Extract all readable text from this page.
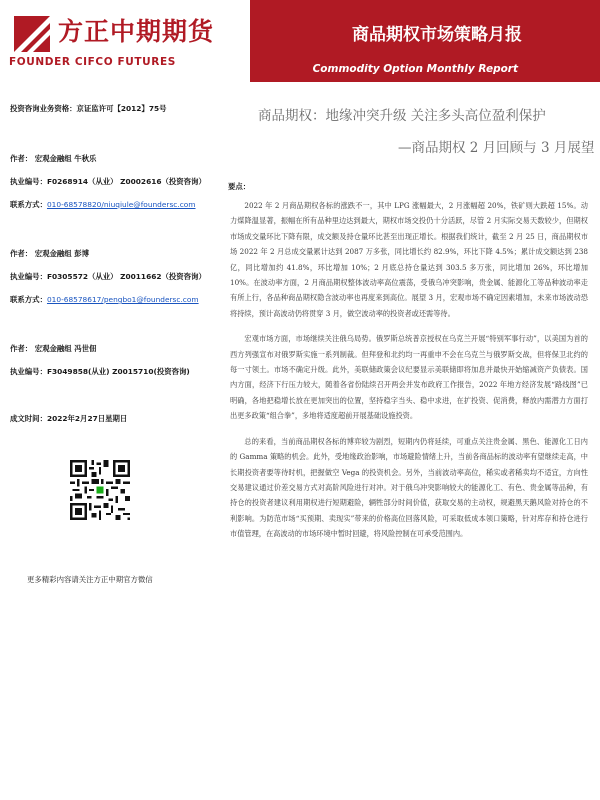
方正中期期货
FOUNDER CIFCO FUTURES
商品期权市场策略月报
Commodity Option Monthly Report
投资咨询业务资格：京证监许可【2012】75号
作者： 宏观金融组 牛秋乐
执业编号：F0268914（从业） Z0002616（投资咨询）
联系方式：010-68578820/niuqiule@foundersc.com
作者： 宏观金融组 彭博
执业编号：F0305572（从业） Z0011662（投资咨询）
联系方式：010-68578617/pengbo1@foundersc.com
作者： 宏观金融组 冯世佃
执业编号：F3049858(从业) Z0015710(投资咨询)
成文时间：2022年2月27日星期日
更多精彩内容请关注方正中期官方微信
商品期权：地缘冲突升级 关注多头高位盈利保护
—商品期权 2 月回顾与 3 月展望
要点：

2022 年 2 月商品期权各标的涨跌不一，其中 LPG 涨幅最大，2 月涨幅超 20%，铁矿则大跌超 15%。动力煤降温显著，振幅在所有品种里边达到最大，期权市场交投仍十分活跃，尽管 2 月实际交易天数较少，但期权市场成交量环比下降有限，成交额及持仓量环比甚至出现正增长。根据我们统计，截至 2 月 25 日，商品期权市场 2022 年 2 月总成交量累计达到 2087 万多张，同比增长约 82.9%，环比下降 4.5%；累计成交额达到 238 亿，同比增加约 41.8%，环比增加 10%；2 月底总持仓量达到 303.5 多万张，同比增加 26%，环比增加 10%。在波动率方面，2 月商品期权整体波动率高位震荡，受俄乌冲突影响，贵金属、能源化工等品种波动率走有所上行，各品种商品期权隐含波动率也再度来到高位。展望 3 月，宏观市场不确定因素增加，未来市场波动恐将持续，预计高波动仍将贯穿 3 月，做空波动率的投资者或还需等待。

宏观市场方面，市场继续关注俄乌局势。俄罗斯总统普京授权在乌克兰开展“特别军事行动”，以美国为首的西方列强宣布对俄罗斯实施一系列制裁。但拜登和北约均一再重申不会在乌克兰与俄罗斯交战，但将保卫北约的每一寸领土。市场不确定升级。此外，美联储政策会议纪要显示美联储即将加息并最快开始缩减资产负债表。国内方面，经济下行压力较大，随着各省份陆续召开两会并发布政府工作报告，2022 年地方经济发展“路线图”已明确，各地把稳增长放在更加突出的位置，坚持稳字当头、稳中求进，在扩投资、促消费，释放内需潜力方面打出更多政策“组合拳”，多地将适度超前开展基础设施投资。

总的来看，当前商品期权各标的博弈较为剧烈，短期内仍将延续，可重点关注贵金属、黑色、能源化工日内的 Gamma 策略的机会。此外，受地缘政治影响，市场避险情绪上升，当前各商品标的波动率有望继续走高，中长期投资者要等待时机，把握做空 Vega 的投资机会。另外，当前波动率高位，稀实或者稀卖均不适宜，方向性交易建议通过价差交易方式对高阶风险进行对冲。对于俄乌冲突影响较大的能源化工、有色、贵金属等品种，有持仓的投资者建议利用期权进行短期避险，辆牲部分时间价值，获取交易的主动权，规避黑天鹅风险对持仓的不利影响。为防范市场“买预期、卖现实”带来的价格高位回落风险，可采取低成本领口策略，针对库存和持仓进行市值管理，在高波动的市场环境中暂时回避，将风险控制在可承受范围内。
